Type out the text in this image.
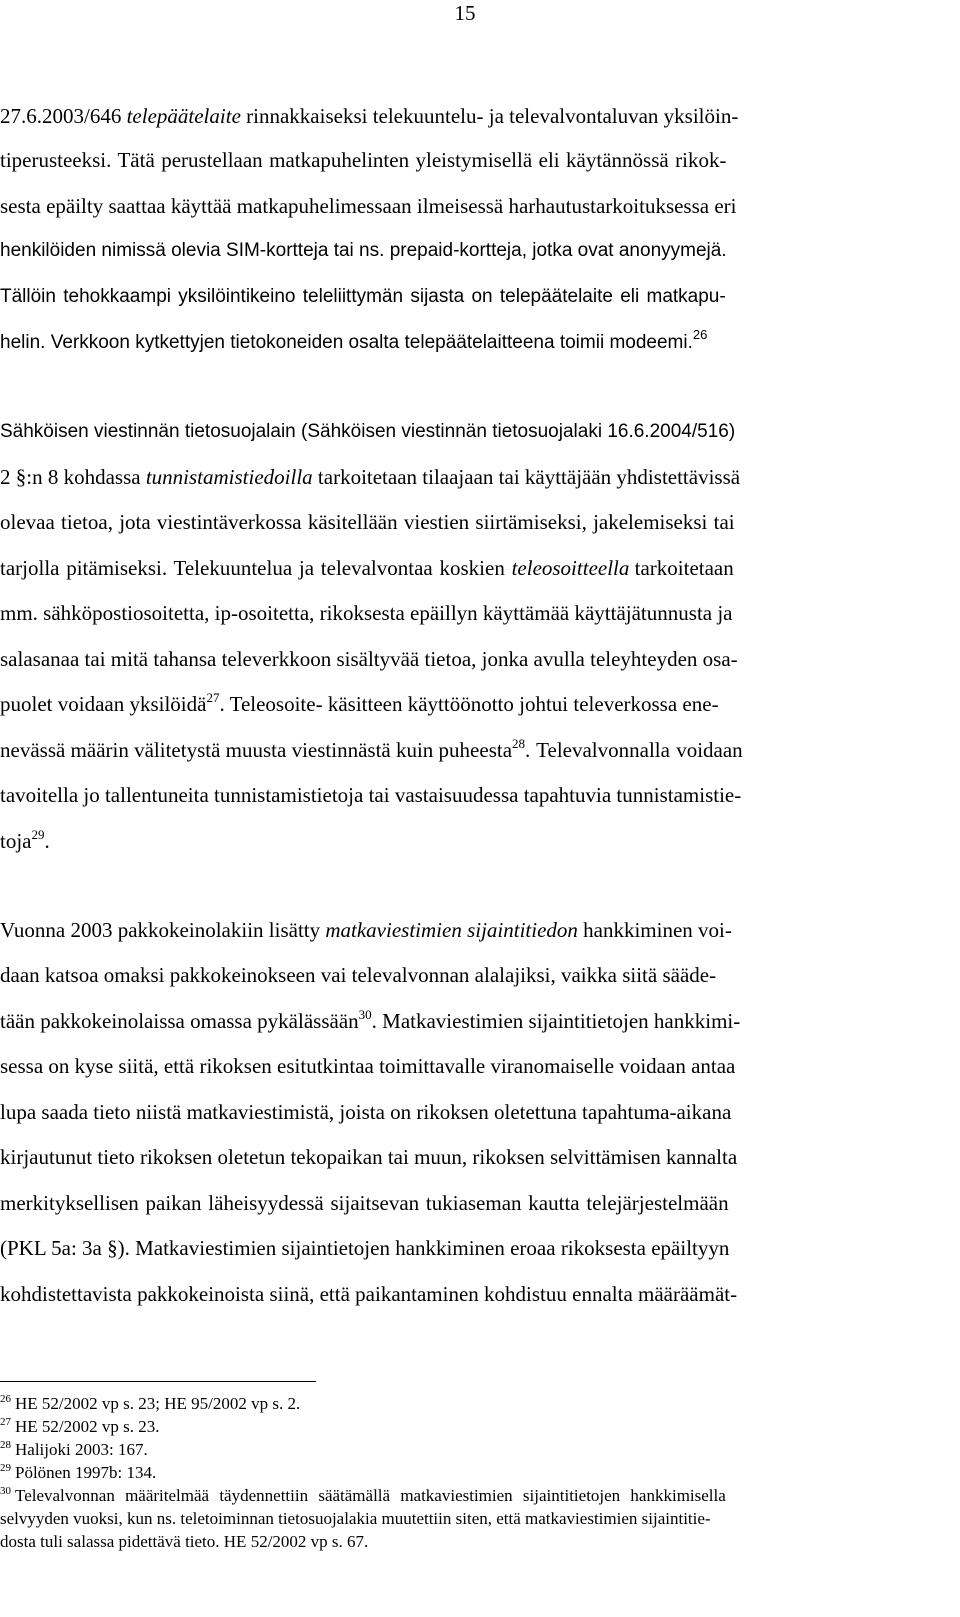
15
27.6.2003/646 telepäätelaite rinnakkaiseksi telekuuntelu- ja televalvontaluvan yksilöin-
tiperusteeksi. Tätä perustellaan matkapuhelinten yleistymisellä eli käytännössä rikok-
sesta epäilty saattaa käyttää matkapuhelimessaan ilmeisessä harhautustarkoituksessa eri
henkilöiden nimissä olevia SIM-kortteja tai ns. prepaid-kortteja, jotka ovat anonyymejä.
Tällöin tehokkaampi yksilöintikeino teleliittymän sijasta on telepäätelaite eli matkapu-
helin. Verkkoon kytkettyjen tietokoneiden osalta telepäätelaitteena toimii modeemi.$^{26}$
Sähköisen viestinnän tietosuojalain (Sähköisen viestinnän tietosuojalaki 16.6.2004/516)
2 §:n 8 kohdassa tunnistamistiedoilla tarkoitetaan tilaajaan tai käyttäjään yhdistettävissä
olevaa tietoa, jota viestintäverkossa käsitellään viestien siirtämiseksi, jakelemiseksi tai
tarjolla pitämiseksi. Telekuuntelua ja televalvontaa koskien teleosoitteella tarkoitetaan
mm. sähköpostiosoitetta, ip-osoitetta, rikoksesta epäillyn käyttämää käyttäjätunnusta ja
salasanaa tai mitä tahansa televerkkoon sisältyvää tietoa, jonka avulla teleyhteyden osa-
puolet voidaan yksilöidä$^{27}$. Teleosoite- käsitteen käyttöönotto johtui televerkossa ene-
nevässä määrin välitetystä muusta viestinnästä kuin puheesta$^{28}$. Televalvonnalla voidaan
tavoitella jo tallentuneita tunnistamistietoja tai vastaisuudessa tapahtuvia tunnistamistie-
toja$^{29}$.
Vuonna 2003 pakkokeinolakiin lisätty matkaviestimien sijaintitiedon hankkiminen voi-
daan katsoa omaksi pakkokeinokseen vai televalvonnan alalajiksi, vaikka siitä sääde-
tään pakkokeinolaissa omassa pykälässään$^{30}$. Matkaviestimien sijaintitietojen hankkimi-
sessa on kyse siitä, että rikoksen esitutkintaa toimittavalle viranomaiselle voidaan antaa
lupa saada tieto niistä matkaviestimistä, joista on rikoksen oletettuna tapahtuma-aikana
kirjautunut tieto rikoksen oletetun tekopaikan tai muun, rikoksen selvittämisen kannalta
merkityksellisen paikan läheisyydessä sijaitsevan tukiaseman kautta telejärjestelmään
(PKL 5a: 3a §). Matkaviestimien sijaintietojen hankkiminen eroaa rikoksesta epäiltyyn
kohdistettavista pakkokeinoista siinä, että paikantaminen kohdistuu ennalta määräämät-
$^{26}$ HE 52/2002 vp s. 23; HE 95/2002 vp s. 2.
$^{27}$ HE 52/2002 vp s. 23.
$^{28}$ Halijoki 2003: 167.
$^{29}$ Pölönen 1997b: 134.
$^{30}$ Televalvonnan määritelmää täydennettiin säätämällä matkaviestimien sijaintitietojen hankkimisella
selvyyden vuoksi, kun ns. teletoiminnan tietosuojalakia muutettiin siten, että matkaviestimien sijaintitie-
dosta tuli salassa pidettävä tieto. HE 52/2002 vp s. 67.
